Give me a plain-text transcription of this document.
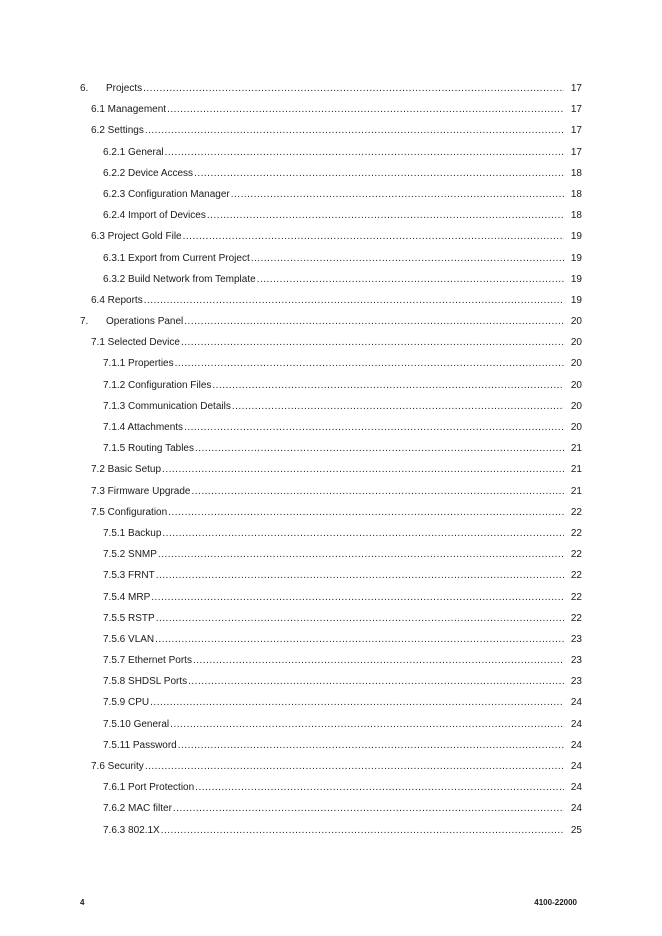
6.	Projects .....	17
6.1 Management .....	17
6.2 Settings .....	17
6.2.1 General .....	17
6.2.2 Device Access .....	18
6.2.3 Configuration Manager .....	18
6.2.4 Import of Devices .....	18
6.3 Project Gold File .....	19
6.3.1 Export from Current Project .....	19
6.3.2 Build Network from Template .....	19
6.4 Reports .....	19
7.	Operations Panel .....	20
7.1 Selected Device .....	20
7.1.1 Properties .....	20
7.1.2 Configuration Files .....	20
7.1.3 Communication Details .....	20
7.1.4 Attachments .....	20
7.1.5 Routing Tables .....	21
7.2 Basic Setup .....	21
7.3 Firmware Upgrade .....	21
7.5 Configuration .....	22
7.5.1 Backup .....	22
7.5.2 SNMP .....	22
7.5.3 FRNT .....	22
7.5.4 MRP .....	22
7.5.5 RSTP .....	22
7.5.6 VLAN .....	23
7.5.7 Ethernet Ports .....	23
7.5.8 SHDSL Ports .....	23
7.5.9 CPU .....	24
7.5.10 General .....	24
7.5.11 Password .....	24
7.6 Security .....	24
7.6.1 Port Protection .....	24
7.6.2 MAC filter .....	24
7.6.3 802.1X .....	25
4	4100-22000
